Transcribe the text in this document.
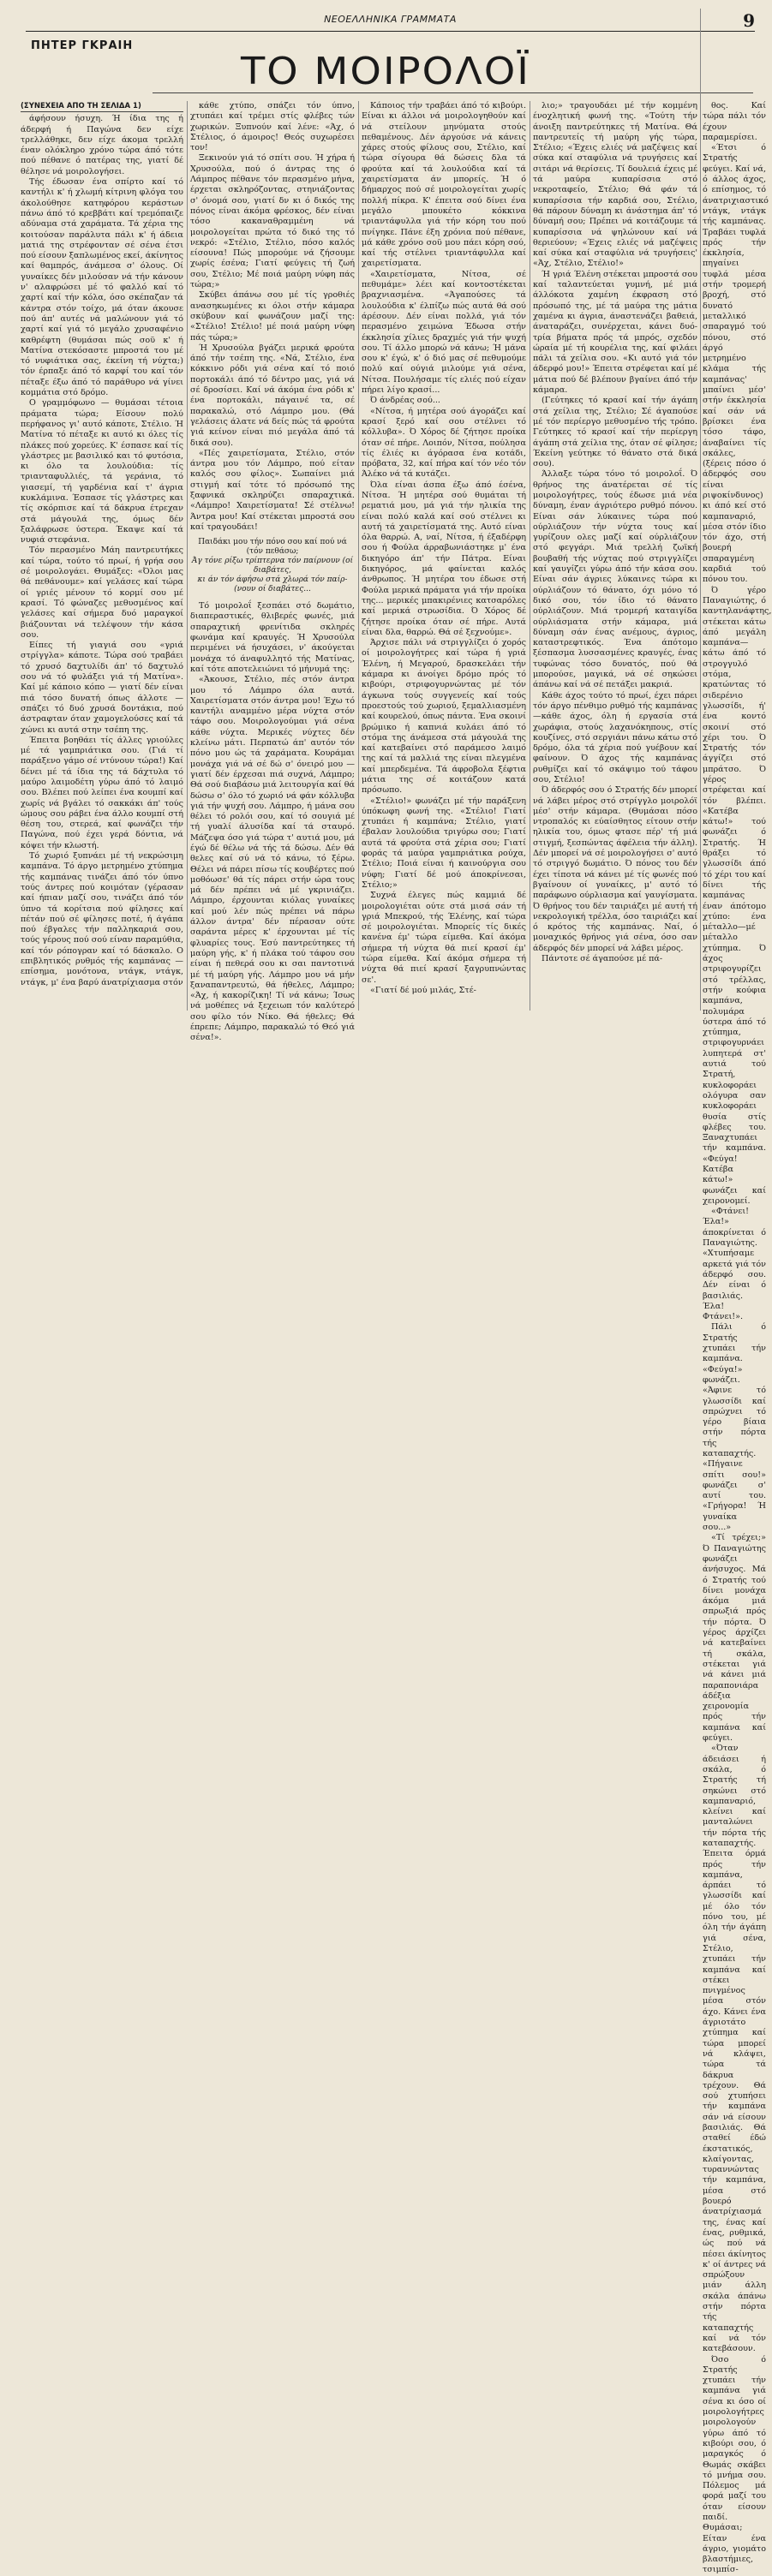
ΝΕΟΕΛΛΗΝΙΚΑ ΓΡΑΜΜΑΤΑ	9
ΠΗΤΕΡ ΓΚΡΑΙΗ
ΤΟ ΜΟΙΡΟΛΟΪ
(ΣΥΝΕΧΕΙΑ ΑΠΟ ΤΗ ΣΕΛΙΔΑ 1)

άφήσουν ήσυχη. Ή ίδια της ή άδερφή ή Παγώνα δεν είχε τρελλάθηκε, δεν είχε άκομα τρελλή έναν ολόκληρο χρόνο τώρα άπό τότε πού πέθανε ό πατέρας της, γιατί δέ θέλησε νά μοιρολογήσει.

Τής έδωσαν ένα σπίρτο καί τό καντήλι κ' ή χλωμή κίτρινη φλόγα του άκολούθησε κατηφόρου κεράστων πάνω άπό τό κρεββάτι καί τρεμόπαιζε αδύναμα στά χαράματα. Τά χέρια της κοιτούσαν παράλυτα πάλι κ' ή άδεια ματιά της στρέφονταν σέ σένα έτσι πού είσουν ξαπλωμένος εκεί, άκίνητος καί θαμπρός, άνάμεσα σ' όλους. Οί γυναίκες δέν μιλούσαν νά τήν κάνουν ν' αλαφρώσει μέ τό φαλλό καί τό χαρτί καί τήν κόλα, όσο σκέπαζαν τά κάντρα στόν τοίχο, μά όταν άκουσε πού άπ' αυτές νά μαλώνουν γιά τό χαρτί καί γιά τό μεγάλο χρυσαφένιο καθρέφτη (θυμάσαι πώς σοϋ κ' ή Ματίνα στεκόσαστε μπροστά του μέ τό νυφιάτικα σας, έκείνη τή νύχτα;) τόν έρπαξε άπό τό καρφί του καί τόν πέταξε έξω άπό τό παράθυρο νά γίνει κομμάτια στό δρόμο.

Ο γραμμόφωνο — θυμάσαι τέτοια πράματα τώρα; Είσουν πολύ περήφανος γι' αυτό κάποτε, Στέλιο. Ή Ματίνα τό πέταξε κι αυτό κι όλες τίς πλάκες πού χορεύες. Κ' έσπασε καί τίς γλάστρες με βασιλικό και τό φυτόσια, κι όλο τα λουλούδια: τίς τριανταφυλλιές, τά γεράνια, τό γιασεμί, τή γαρδένια καί τ' άγρια κυκλάμινα. Έσπασε τίς γλάστρες και τίς σκόρπισε καί τά δάκρυα έτρεχαν στά μάγουλά της, όμως δέν ξαλάφρωσε ύστερα. Έκαψε καί τά νυφιά στεφάνια.

Τόν περασμένο Μάη παντρευτήκες καί τώρα, τούτο τό πρωί, ή γρήα σου σέ μοιρολογάει. Θυμάξες: «Όλοι μας θά πεθάνουμε» καί γελάσες καί τώρα οί γριές μένουν τό κορμί σου μέ κρασί. Τό φώναζες μεθυσμένος καί γελάσες καί σήμερα δυό μαραγκοί βιάζουνται νά τελέψουν τήν κάσα σου.

Είπες τή γιαγιά σου «γριά στρίγγλα» κάποτε. Τώρα σού τραβάει τό χρυσό δαχτυλίδι άπ' τό δαχτυλό σου νά τό φυλάξει γιά τή Ματίνα». Καί μέ κάποιο κόπο — γιατί δέν είναι πιά τόσο δυνατή όπως άλλοτε — σπάζει τό δυό χρυσά δοντάκια, πού άστραφταν όταν χαμογελούσες καί τά χώνει κι αυτά στην τσέπη της.

Έπειτα βοηθάει τίς άλλες γριούλες μέ τά γαμπριάτικα σου. (Γιά τί παράξενο γάμο σέ ντύνουν τώρα!) Καί δένει μέ τά ίδια της τά δάχτυλα τό μαύρο λαιμοδέτη γύρω άπό τό λαιμό σου. Βλέπει πού λείπει ένα κουμπί καί χωρίς νά βγάλει τό σακκάκι άπ' τούς ώμους σου ράβει ένα άλλο κουμπί στή θέση του, στερεά, καί φωνάζει τήν Παγώνα, πού έχει γερά δόντια, νά κόψει τήν κλωστή.

Τό χωριό ξυπνάει μέ τή νεκρώσιμη καμπάνα. Τό άργο μετρημένο χτύπημα τής καμπάνας τινάζει άπό τόν ύπνο τούς άντρες πού κοιμόταν (γέρασαν καί ήπιαν μαζί σου, τινάζει άπό τόν ύπνο τά κορίτσια πού φίλησες καί πέτάν πού σέ φίλησες ποτέ, ή άγάπα πού έβγαλες τήν παλληκαριά σου, τούς γέρους πού σού είναν παραμύθια, καί τόν ρόπογραν καί τό δάσκαλο. Ο επιβλητικός ρυθμός τής καμπάνας — επίσημα, μονότονα, ντάγκ, ντάγκ, ντάγκ, μ' ένα βαρύ άνατρίχιασμα στόν

κάθε χτύπο, σπάζει τόν ύπνο, χτυπάει καί τρέμει στίς φλέβες τών χωρικών. Ξυπνούν καί λένε: «Άχ, ό Στέλιος, ό άμοιρος! Θεός συχωρέσει τον!

Ξεκινούν γιά τό σπίτι σου. Ή χήρα ή Χρυσούλα, πού ό άντρας της ό Λάμπρος πέθανε τόν περασμένο μήνα, έρχεται σκληρόζοντας, στηνιάζοντας σ' όνομά σου, γιατί δν κι ό δικός της πόνος είναι άκόμα φρέσκος, δέν είναι τόσο κακαναθραμμένη νά μοιρολογείται πρώτα τό δικό της τό νεκρό: «Στέλιο, Στέλιο, πόσο καλός είσουνα! Πώς μπορούμε νά ζήσουμε χωρίς έσένα; Γιατί φεύγεις τή ζωή σου, Στέλιο; Μέ ποιά μαύρη νύφη πάς τώρα;»

Σκύβει άπάνω σου μέ τίς γροθιές ανασηκωμένες κι όλοι στήν κάμαρα σκύβουν καί φωνάζουν μαζί της: «Στέλιο! Στέλιο! μέ ποιά μαύρη νύφη πάς τώρα;»

Ή Χρυσούλα βγάζει μερικά φρούτα άπό τήν τσέπη της. «Νά, Στέλιο, ένα κόκκινο ρόδι γιά σένα καί τό ποιό πορτοκάλι άπό τό δέντρο μας, γιά νά σέ δροσίσει. Καί νά άκόμα ένα ρόδι κ' ένα πορτοκάλι, πάγαινέ τα, σέ παρακαλώ, στό Λάμπρο μου. (Θά γελάσεις άλατε νά δείς πώς τά φρούτα γιά κείνον είναι πιό μεγάλα άπό τά δικά σου).

«Πές χαιρετίσματα, Στέλιο, στόν άντρα μου τόν Λάμπρο, πού είταν καλός σου φίλος». Σωπαίνει μιά στιγμή καί τότε τό πρόσωπό της ξαφνικά σκληρύζει σπαραχτικά. «Λάμπρο! Χαιρετίσματα! Σέ στέλνω! Άντρα μου! Καί στέκεται μπροστά σου καί τραγουδάει!

Παιδάκι μου τήν πόνο σου καί πού νά (τόν πεθάσω;
Άγ τόνε ρίξω τρίπτερνα τόν παίρνουν (οί διαβάτες,
κι άν τόν άφήσω στά χλωρά τόν παίρ-(νουν οί διαβάτες...

Τό μοιρολοΐ ξεσπάει στό δωμάτιο, διαπεραστικές, θλιβερές φωνές, μιά σπαραχτική φρενίτιδα σκληρές φωνάμα καί κραυγές. Ή Χρυσούλα περιμένει νά ήσυχάσει, ν' άκούγεται μονάχα τό άναφυλλητό τής Ματίνας, καί τότε αποτελειώνει τό μήνυμά της:

«Άκουσε, Στέλιο, πές στόν άντρα μου τό Λάμπρο όλα αυτά. Χαιρετίσματα στόν άντρα μου! Έχω τό καντήλι αναμμένο μέρα νύχτα στόν τάφο σου. Μοιρολογούμαι γιά σένα κάθε νύχτα. Μερικές νύχτες δέν κλείνω μάτι. Περπατώ άπ' αυτόν τόν πόνο μου ώς τά χαράματα. Κουράμαι μονάχα γιά νά σέ δώ σ' όνειρό μου — γιατί δέν έρχεσαι πιά συχνά, Λάμπρο; Θά σού διαβάσω μιά λειτουργία καί θά δώσω σ' όλο τό χωριό νά φάν κόλλυβα γιά τήν ψυχή σου. Λάμπρο, ή μάνα σου θέλει τό ρολόι σου, καί τό σουγιά μέ τή γυαλί άλυσίδα καί τά σταυρό. Μάζεψα όσο γιά τώρα τ' αυτιά μου, μά έγώ δέ θέλω νά τής τά δώσω. Δέν θά θελες καί σύ νά τό κάνω, τό ξέρω. Θέλει νά πάρει πίσω τίς κουβέρτες πού μοθόωσε' θά τίς πάρει στήν ώρα τους μά δέν πρέπει νά μέ γκρινιάζει. Λάμπρο, έρχουνται κιόλας γυναίκες καί μού λέν πώς πρέπει νά πάρω άλλον άντρα' δέν πέρασαν ούτε σαράντα μέρες κ' έρχουνται μέ τίς φλυαρίες τους. Έσύ παντρεύτηκες τή μαύρη γής, κ' ή πλάκα τού τάφου σου είναι ή πεθερά σου κι σαι παντοτινά μέ τή μαύρη γής. Λάμπρο μου νά μήν ξαναπαντρευτώ, θά ήθελες, Λάμπρο; «Άχ, ή κακορίζικη! Τί νά κάνω; Ίσως νά μοθέπες νά ξεχειωπ τόν καλύτερό σου φίλο τόν Νίκο. Θά ήθελες; Θά έπρεπε; Λάμπρο, παρακαλώ τό Θεό γιά σένα!».

Κάποιος τήν τραβάει άπό τό κιβούρι. Είναι κι άλλοι νά μοιρολογηθούν καί νά στείλουν μηνύματα στούς πεθαμένους. Δέν άργούσε νά κάνεις χάρες στούς φίλους σου, Στέλιο, καί τώρα σίγουρα θά δώσεις δλα τά φρούτα καί τά λουλούδια καί τά χαιρετίσματα άν μπορείς. Ή ό δήμαρχος πού σέ μοιρολογείται χωρίς πολλή πίκρα. Κ' έπειτα σού δίνει ένα μεγάλο μπουκέτο κόκκινα τριαντάφυλλα γιά τήν κόρη του πού πνίγηκε. Πάνε έξη χρόνια πού πέθανε, μά κάθε χρόνο σοϋ μου πάει κόρη σού, καί τής στέλνει τριαντάφυλλα καί χαιρετίσματα.

«Χαιρετίσματα, Νίτσα, σέ πεθυμάμε» λέει καί κοντοστέκεται βραχνιασμένα. «Άγαπούσες τά λουλούδια κ' έλπίζω πώς αυτά θά σού άρέσουν. Δέν είναι πολλά, γιά τόν περασμένο χειμώνα Έδωσα στήν έκκλησία χίλιες δραχμές γιά τήν ψυχή σου. Τί άλλο μπορώ νά κάνω; Ή μάνα σου κ' έγώ, κ' ό διό μας σέ πεθυμούμε πολύ καί ούγιά μιλούμε γιά σένα, Νίτσα. Πουλήσαμε τίς ελιές πού είχαν πήρει λίγο κρασί...

Ό άνδρέας σού...

«Νίτσα, ή μητέρα σού άγοράζει καί κρασί ξερό καί σου στέλνει τό κόλλυβα». Ό Χόρος δέ ζήτησε προίκα όταν σέ πήρε. Λοιπόν, Νίτσα, πούλησα τίς έλιές κι άγόρασα ένα κοτάδι, πρόβατα, 32, καί πήρα καί τόν νέο τόν Άλέκο νά τά κυτάζει.

Όλα είναι άσπα έξω άπό έσένα, Νίτσα. Ή μητέρα σού θυμάται τή ρεματιά μου, μά γιά τήν ηλικία της είναι πολύ καλά καί σού στέλνει κι αυτή τά χαιρετίσματά της. Αυτό είναι όλα θαρρώ. Α, ναί, Νίτσα, ή έξαδέρφη σου ή Φούλα άρραβωνιάστηκε μ' ένα δικηγόρο άπ' τήν Πάτρα. Είναι δικηγόρος, μά φαίνεται καλός άνθρωπος. Ή μητέρα του έδωσε στή Φούλα μερικά πράματα γιά τήν προίκα της... μερικές μπακιρένιες κατσαρόλες καί μερικά στρωσίδια. Ό Χόρος δέ ζήτησε προίκα όταν σέ πήρε. Αυτά είναι δλα, θαρρώ. Θά σέ ξεχνούμε».

Άρχισε πάλι νά στριγγλίζει ό χορός οί μοιρολογήτρες καί τώρα ή γριά Έλένη, ή Μεγαρού, δρασκελάει τήν κάμαρα κι άνοίγει δρόμο πρός τό κιβούρι, στριφογυρνώντας μέ τόν άγκωνα τούς συγγενείς καί τούς προεστούς τού χωριού, ξεμαλλιασμένη καί κουρελού, όπως πάντα. Ένα σκοινί βρώμικο ή καπνιά κυλάει άπό τό στόμα της άνάμεσα στά μάγουλά της καί κατεβαίνει στό παράμεσο λαιμό της καί τά μαλλιά της είναι πλεγμένα καί μπερδεμένα. Τά άφροβολα ξέφτια μάτια της σέ κοιτάζουν κατά πρόσωπο.

«Στέλιο!» φωνάζει μέ τήν παράξενη ύπόκωφη φωνή της. «Στέλιο! Γιατί χτυπάει ή καμπάνα; Στέλιο, γιατί έβαλαν λουλούδια τριγύρω σου; Γιατί αυτά τά φρούτα στά χέρια σου; Γιατί φοράς τά μαύρα γαμπριάτικα ρούχα, Στέλιο; Ποιά είναι ή καινούργια σου νύφη; Γιατί δέ μού άποκρίνεσαι, Στέλιο;»

Συχνά έλεγες πώς καμμιά δέ μοιρολογιέται ούτε στά μισά σάν τή γριά Μπεκρού, τής Έλένης, καί τώρα σέ μοιρολογιέται. Μπορείς τίς δικές κανένα έμ' τώρα είμεθα. Καί άκόμα σήμερα τή νύχτα θά πιεί κρασί έμ' τώρα είμεθα. Καί άκόμα σήμερα τή νύχτα θά πιεί κρασί ξαγρυπνώντας σε'.

«Γιατί δέ μού μιλάς, Στέ-

λιο;» τραγουδάει μέ τήν κομμένη ένοχλητική φωνή της. «Τούτη τήν άνοιξη παντρεύτηκες τή Ματίνα. Θά παντρευτείς τή μαύρη γής τώρα, Στέλιο; «Έχεις ελιές νά μαζέψεις καί σύκα καί σταφύλια νά τρυγήσεις καί σιτάρι νά θερίσεις. Τί δουλειά έχεις μέ τά μαύρα κυπαρίσσια στό νεκροταφείο, Στέλιο; Θά φάν τά κυπαρίσσια τήν καρδιά σου, Στέλιο, θά πάρουν δύναμη κι άνάστημα άπ' τό δύναμή σου; Πρέπει νά κοιτάζουμε τά κυπαρίσσια νά ψηλώνουν καί νά θεριεύουν; «Έχεις ελιές νά μαζέψεις καί σύκα καί σταφύλια νά τρυγήσεις' «Άχ, Στέλιο, Στέλιο!»

Ή γριά Έλένη στέκεται μπροστά σου καί ταλαντεύεται γυμνή, μέ μιά άλλόκοτα χαμένη έκφραση στό πρόσωπό της, μέ τά μαύρα της μάτια χαμένα κι άγρια, άναστενάζει βαθειά, άναταράζει, συνέρχεται, κάνει δυό-τρία βήματα πρός τά μπρός, σχεδόν ώραία μέ τή κουρέλια της, καί φιλάει πάλι τά χείλια σου. «Κι αυτό γιά τόν άδερφό μου!» Έπειτα στρέφεται καί μέ μάτια πού δέ βλέπουν βγαίνει άπό τήν κάμαρα.

(Γεύτηκες τό κρασί καί τήν άγάπη στά χείλια της, Στέλιο; Σέ άγαπούσε μέ τόν περίεργο μεθυσμένο τής τρόπο. Γεύτηκες τό κρασί καί τήν περίεργη άγάπη στά χείλια της, όταν σέ φίλησε; Έκείνη γεύτηκε τό θάνατο στά δικά σου).

Άλλαξε τώρα τόνο τό μοιρολοΐ. Ό θρήνος της άνατέρεται σέ τίς μοιρολογήτρες, τούς έδωσε μιά νέα δύναμη, έναν άγριότερο ρυθμό πόνου. Είναι σάν λύκαινες τώρα πού ούρλιάζουν τήν νύχτα τους καί γυρίζουν ολες μαζί καί ούρλιάζουν στό φεγγάρι. Μιά τρελλή ζωϊκή βουβαθή τής νύχτας πού στριγγλίζει καί γαυγίζει γύρω άπό τήν κάσα σου. Είναι σάν άγριες λύκαινες τώρα κι ούρλιάζουν τό θάνατο, όχι μόνο τό δικό σου, τόν ίδιο τό θάνατο ούρλιάζουν. Μιά τρομερή καταιγίδα ούρλιάσματα στήν κάμαρα, μιά δύναμη σάν ένας ανέμους, άγριος, καταστρεφτικός. Ένα άπότομο ξέσπασμα λυσσασμένες κραυγές, ένας τυφώνας τόσο δυνατός, πού θά μπορούσε, μαγικά, νά σέ σηκώσει άπάνω καί νά σέ πετάξει μακριά.

Κάθε άχος τούτο τό πρωί, έχει πάρει τόν άργο πένθιμο ρυθμό τής καμπάνας—κάθε άχος, όλη ή εργασία στά χωράφια, στούς λαχανόκηπους, στίς κουζίνες, στό σεργιάνι πάνω κάτω στό δρόμο, όλα τά χέρια πού γυέβουν καί φαίνουν. Ό άχος τής καμπάνας ρυθμίζει καί τό σκάψιμο τού τάφου σου, Στέλιο!

Ό άδερφός σου ό Στρατής δέν μπορεί νά λάβει μέρος στό στρίγγλο μοιρολόϊ μέσ' στήν κάμαρα. (Θυμάσαι πόσο ντροπαλός κι εύαίσθητος είτουν στήν ηλικία του, όμως φτασε πέρ' τή μιά στιγμή, ξεσπώντας άφέλεια τήν άλλη). Δέν μπορεί νά σέ μοιρολογήσει σ' αυτό τό στριγγό δωμάτιο. Ό πόνος του δέν έχει τίποτα νά κάνει μέ τίς φωνές πού βγαίνουν οί γυναίκες, μ' αυτό τό παράφωνο ούρλιασμα καί γαυγίσματα. Ό θρήνος του δέν ταιριάζει μέ αυτή τή νεκρολογική τρέλλα, όσο ταιριάζει καί ό κρότος τής καμπάνας. Ναί, ό μοναχικός θρήνος γιά σένα, όσο σαν άδερφός δέν μπορεί νά λάβει μέρος.

Πάντοτε σέ άγαπούσε μέ πά-

θος. Καί τώρα πάλι τόν έχουν παραμερίσει.

«Έτσι ό Στρατής φεύγει. Καί νά, ό άλλος άχος, ό επίσημος, τό άνατριχιαστικό ντάγκ, ντάγκ τής καμπάνας. Τραβάει τυφλά πρός τήν έκκλησία, πηγαίνει τυφλά μέσα στήν τρομερή βροχή, στό δυνατό μεταλλικό σπαραγμό τού πόνου, στό άργό μετρημένο κλάμα τής καμπάνας' μπαίνει μέσ' στήν έκκλησία καί σάν νά βρίσκει ένα τόσο τάφο, άναβαίνει τίς σκάλες, (ξέρεις πόσο ό άδερφός σου είναι ριψοκίνδυνος) κι άπό κεί στό καμπαναριό, μέσα στόν ίδιο τόν άχο, στή βουερή σπαραγμένη καρδιά τού πόνου του.

Ό γέρο Παναγιώτης, ό καντηλανάφτης, στέκεται κάτω άπό μεγάλη καμπάνα—κάτω άπό τό στρογγυλό στόμα, κρατώντας τό σιδερένιο γλωσσίδι, ή' ένα κοντό σκοινί στό χέρι του. Ό Στρατής τόν άγγίζει στό μπράτσο. Ό γέρος στρέφεται καί τόν βλέπει. «Κατέβα κάτω!» τού φωνάζει ό Στρατής. Ή θράξει τό γλωσσίδι άπό τό χέρι του καί δίνει τής καμπάνας έναν άπότομο χτύπο: ένα μέταλλο—μέ μέταλλο χτύπημα. Ό άχος στριφογυρίζει στό τρέλλας, στήν κούφια καμπάνα, πολυμάρα ύστερα άπό τό χτύπημα, στριφογυρνάει λυπητερά στ' αυτιά τού Στρατή, κυκλοφοράει ολόγυρα σαν κυκλοφοράει θυσία στίς φλέβες του. Ξαναχτυπάει τήν καμπάνα. «Φεύγα! Κατέβα κάτω!» φωνάζει καί χειρονομεί.

«Φτάνει! Έλα!» άποκρίνεται ό Παναγιώτης. «Χτυπήσαμε αρκετά γιά τόν άδερφό σου. Δέν είναι ό βασιλιάς. Έλα! Φτάνει!».

Πάλι ό Στρατής χτυπάει τήν καμπάνα. «Φεύγα!» φωνάζει. «Άφινε τό γλωσσίδι καί σπρώχνει τό γέρο βίαια στήν πόρτα τής καταπαχτής. «Πήγαινε σπίτι σου!» φωνάζει σ' αυτί του. «Γρήγορα! Ή γυναίκα σου...»

«Τί τρέχει;» Ό Παναγιώτης φωνάζει άνήσυχος. Μά ό Στρατής τού δίνει μονάχα άκόμα μιά σπρωξιά πρός τήν πόρτα. Ό γέρος άρχίζει νά κατεβαίνει τή σκάλα, στέκεται γιά νά κάνει μιά παραπονιάρα άδέξια χειρονομία πρός τήν καμπάνα καί φεύγει.

«Όταν άδειάσει ή σκάλα, ό Στρατής τή σηκώνει στό καμπαναριό, κλείνει καί μανταλώνει τήν πόρτα τής καταπαχτής. Έπειτα όρμά πρός τήν καμπάνα, άρπάει τό γλωσσίδι καί μέ όλο τόν πόνο του, μέ όλη τήν άγάπη γιά σένα, Στέλιο, χτυπάει τήν καμπάνα καί στέκει πνιγμένος μέσα στόν άχο. Κάνει ένα άγριοτάτο χτύπημα καί τώρα μπορεί νά κλάψει, τώρα τά δάκρυα τρέχουν. Θά σού χτυπήσει τήν καμπάνα σάν νά είσουν βασιλιάς. Θά σταθεί έδώ έκστατικός, κλαίγοντας, τυραννώντας τήν καμπάνα, μέσα στό βουερό άνατρίχιασμά της, ένας καί ένας, ρυθμικά, ώς πού νά πέσει άκίνητος κ' οί άντρες νά σπρώξουν μιάν άλλη σκάλα άπάνω στήν πόρτα τής καταπαχτής καί νά τόν κατεβάσουν.

Όσο ό Στρατής χτυπάει τήν καμπάνα γιά σένα κι όσο οί μοιρολογήτρες μοιρολογούν γύρω άπό τό κιβούρι σου, ό μαραγκός ό Θωμάς σκάβει τό μνήμα σου. Πόλεμος μά φορά μαζί του όταν είσουν παιδί. Θυμάσαι; Είταν ένα άγριο, γιομάτο βλαστήμιες, τσιμπίσ-
